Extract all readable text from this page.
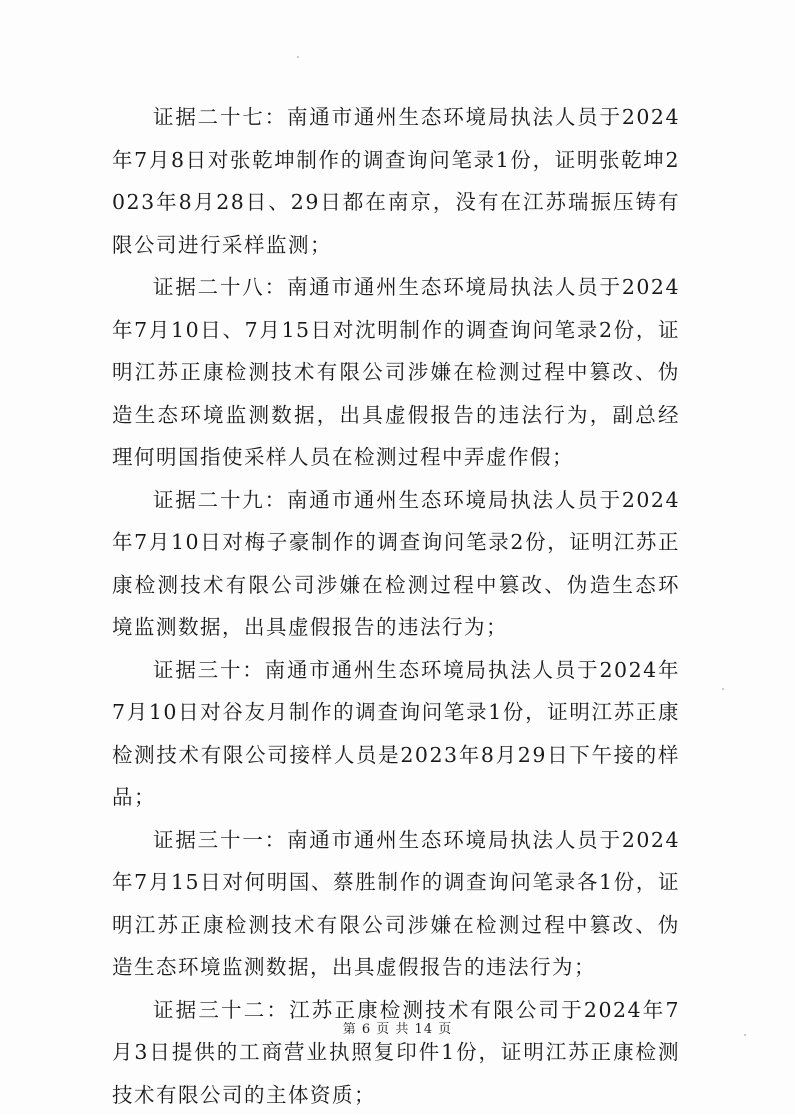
证据二十七：南通市通州生态环境局执法人员于2024年7月8日对张乾坤制作的调查询问笔录1份，证明张乾坤2023年8月28日、29日都在南京，没有在江苏瑞振压铸有限公司进行采样监测；

证据二十八：南通市通州生态环境局执法人员于2024年7月10日、7月15日对沈明制作的调查询问笔录2份，证明江苏正康检测技术有限公司涉嫌在检测过程中篡改、伪造生态环境监测数据，出具虚假报告的违法行为，副总经理何明国指使采样人员在检测过程中弄虚作假；

证据二十九：南通市通州生态环境局执法人员于2024年7月10日对梅子豪制作的调查询问笔录2份，证明江苏正康检测技术有限公司涉嫌在检测过程中篡改、伪造生态环境监测数据，出具虚假报告的违法行为；

证据三十：南通市通州生态环境局执法人员于2024年7月10日对谷友月制作的调查询问笔录1份，证明江苏正康检测技术有限公司接样人员是2023年8月29日下午接的样品；

证据三十一：南通市通州生态环境局执法人员于2024年7月15日对何明国、蔡胜制作的调查询问笔录各1份，证明江苏正康检测技术有限公司涉嫌在检测过程中篡改、伪造生态环境监测数据，出具虚假报告的违法行为；

证据三十二：江苏正康检测技术有限公司于2024年7月3日提供的工商营业执照复印件1份，证明江苏正康检测技术有限公司的主体资质；

第 6 页 共 14 页
